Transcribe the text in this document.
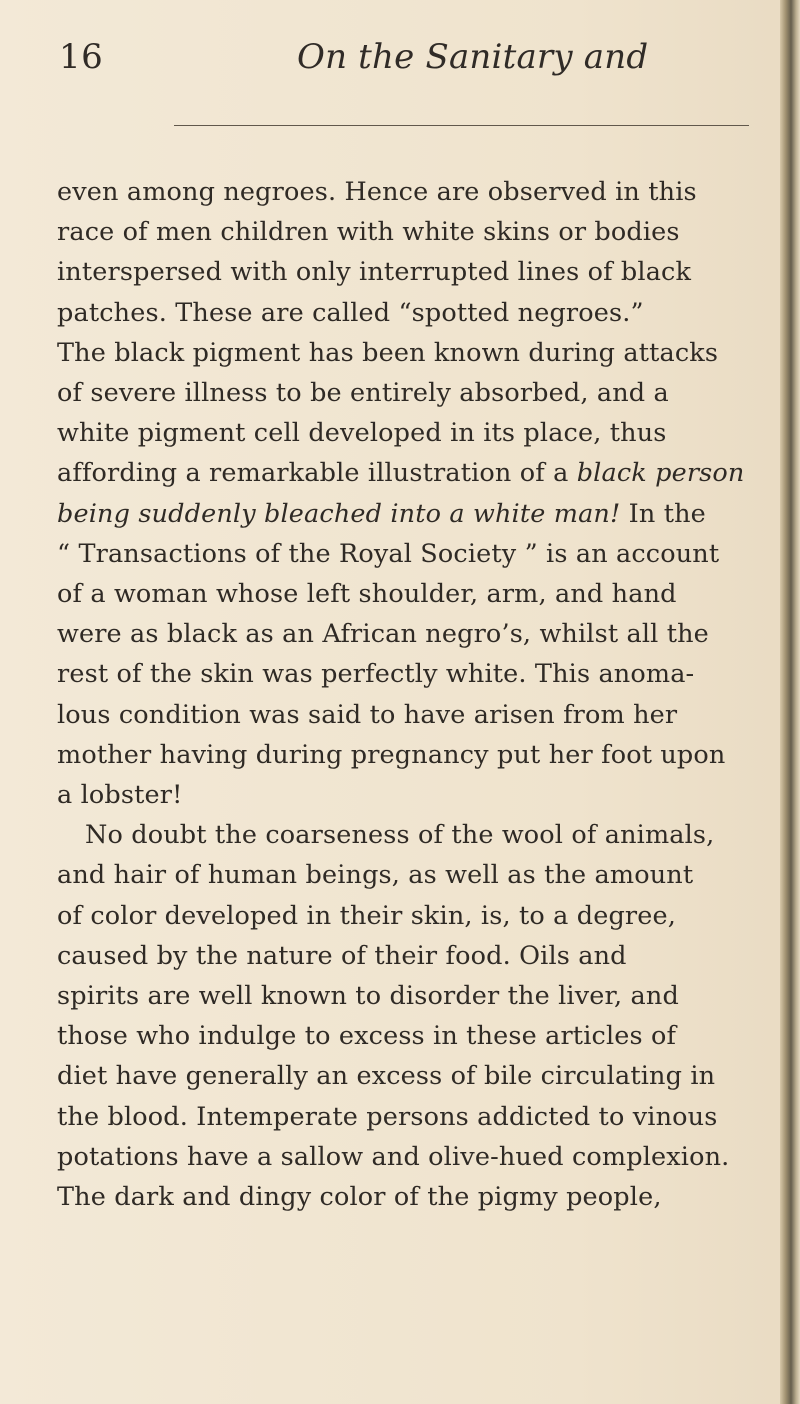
16	On the Sanitary and
even among negroes. Hence are observed in this
race of men children with white skins or bodies
interspersed with only interrupted lines of black
patches. These are called “spotted negroes.”
The black pigment has been known during attacks
of severe illness to be entirely absorbed, and a
white pigment cell developed in its place, thus
affording a remarkable illustration of a black person
being suddenly bleached into a white man! In the
“ Transactions of the Royal Society ” is an account
of a woman whose left shoulder, arm, and hand
were as black as an African negro’s, whilst all the
rest of the skin was perfectly white. This anoma-
lous condition was said to have arisen from her
mother having during pregnancy put her foot upon
a lobster!
No doubt the coarseness of the wool of animals,
and hair of human beings, as well as the amount
of color developed in their skin, is, to a degree,
caused by the nature of their food. Oils and
spirits are well known to disorder the liver, and
those who indulge to excess in these articles of
diet have generally an excess of bile circulating in
the blood. Intemperate persons addicted to vinous
potations have a sallow and olive-hued complexion.
The dark and dingy color of the pigmy people,
